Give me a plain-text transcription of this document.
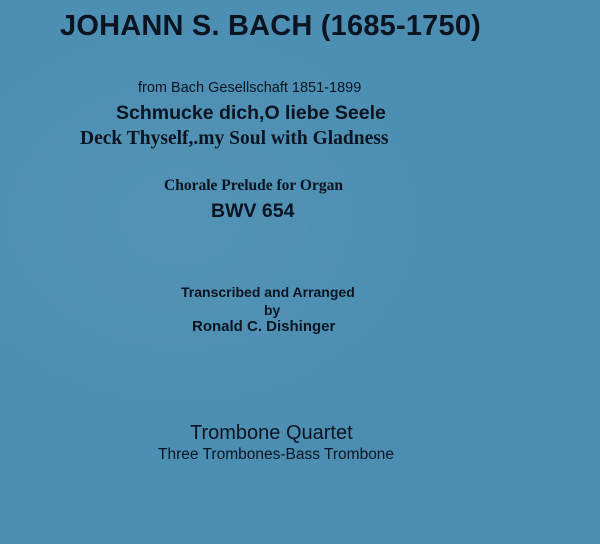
JOHANN S. BACH (1685-1750)
from Bach Gesellschaft 1851-1899
Schmucke dich,O liebe Seele
Deck Thyself,.my Soul with Gladness
Chorale Prelude for Organ
BWV 654
Transcribed and Arranged
by
Ronald C. Dishinger
Trombone Quartet
Three Trombones-Bass Trombone
